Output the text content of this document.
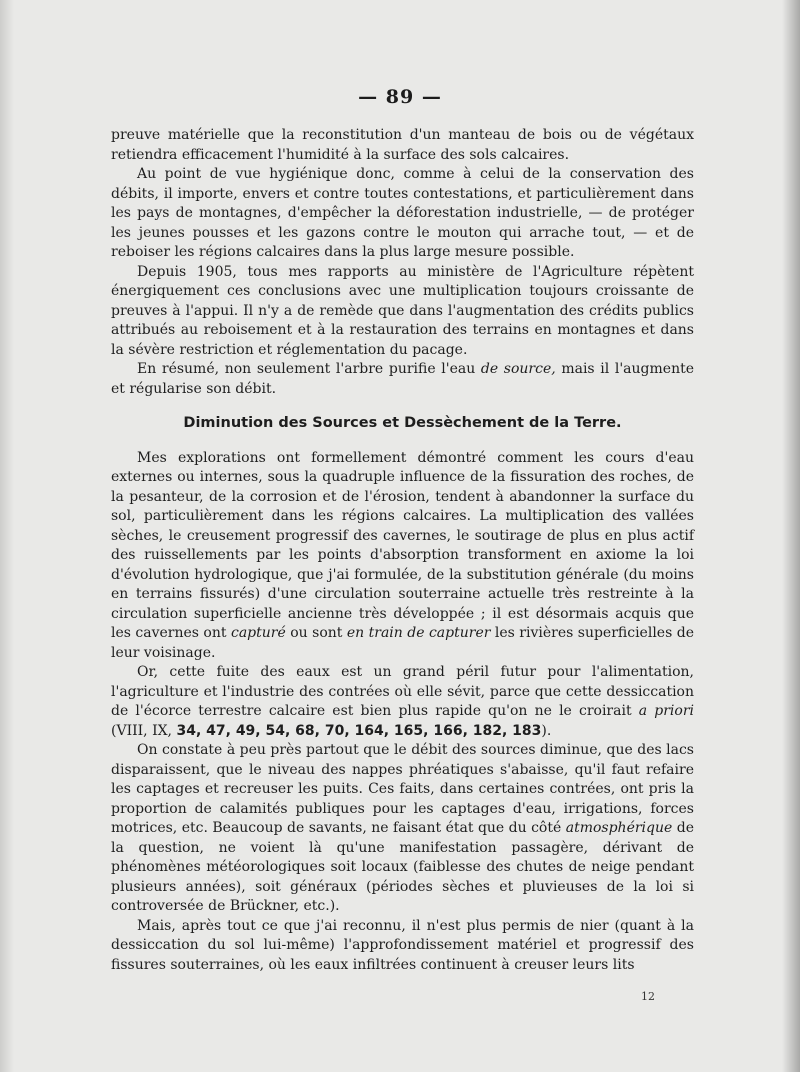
— 89 —

preuve matérielle que la reconstitution d'un manteau de bois ou de végétaux retiendra efficacement l'humidité à la surface des sols calcaires.

Au point de vue hygiénique donc, comme à celui de la conservation des débits, il importe, envers et contre toutes contestations, et particulièrement dans les pays de montagnes, d'empêcher la déforestation industrielle, — de protéger les jeunes pousses et les gazons contre le mouton qui arrache tout, — et de reboiser les régions calcaires dans la plus large mesure possible.

Depuis 1905, tous mes rapports au ministère de l'Agriculture répètent énergiquement ces conclusions avec une multiplication toujours croissante de preuves à l'appui. Il n'y a de remède que dans l'augmentation des crédits publics attribués au reboisement et à la restauration des terrains en montagnes et dans la sévère restriction et réglementation du pacage.

En résumé, non seulement l'arbre purifie l'eau de source, mais il l'augmente et régularise son débit.

Diminution des Sources et Dessèchement de la Terre.

Mes explorations ont formellement démontré comment les cours d'eau externes ou internes, sous la quadruple influence de la fissuration des roches, de la pesanteur, de la corrosion et de l'érosion, tendent à abandonner la surface du sol, particulièrement dans les régions calcaires. La multiplication des vallées sèches, le creusement progressif des cavernes, le soutirage de plus en plus actif des ruissellements par les points d'absorption transforment en axiome la loi d'évolution hydrologique, que j'ai formulée, de la substitution générale (du moins en terrains fissurés) d'une circulation souterraine actuelle très restreinte à la circulation superficielle ancienne très développée ; il est désormais acquis que les cavernes ont capturé ou sont en train de capturer les rivières superficielles de leur voisinage.

Or, cette fuite des eaux est un grand péril futur pour l'alimentation, l'agriculture et l'industrie des contrées où elle sévit, parce que cette dessiccation de l'écorce terrestre calcaire est bien plus rapide qu'on ne le croirait a priori (VIII, IX, 34, 47, 49, 54, 68, 70, 164, 165, 166, 182, 183).

On constate à peu près partout que le débit des sources diminue, que des lacs disparaissent, que le niveau des nappes phréatiques s'abaisse, qu'il faut refaire les captages et recreuser les puits. Ces faits, dans certaines contrées, ont pris la proportion de calamités publiques pour les captages d'eau, irrigations, forces motrices, etc. Beaucoup de savants, ne faisant état que du côté atmosphérique de la question, ne voient là qu'une manifestation passagère, dérivant de phénomènes météorologiques soit locaux (faiblesse des chutes de neige pendant plusieurs années), soit généraux (périodes sèches et pluvieuses de la loi si controversée de Brückner, etc.).

Mais, après tout ce que j'ai reconnu, il n'est plus permis de nier (quant à la dessiccation du sol lui-même) l'approfondissement matériel et progressif des fissures souterraines, où les eaux infiltrées continuent à creuser leurs lits

12
